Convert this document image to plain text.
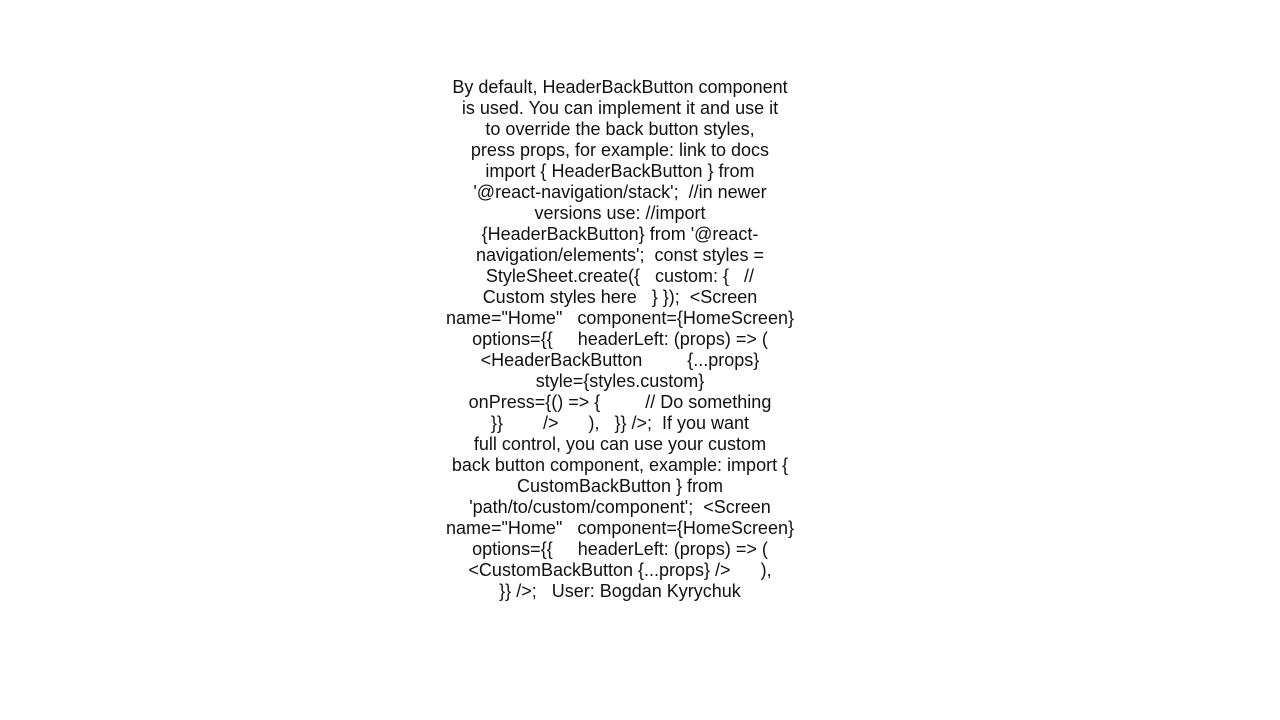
By default, HeaderBackButton component
is used. You can implement it and use it
to override the back button styles,
press props, for example: link to docs
import { HeaderBackButton } from
'@react-navigation/stack';  //in newer
versions use: //import
{HeaderBackButton} from '@react-
navigation/elements';  const styles =
StyleSheet.create({   custom: {   //
Custom styles here   } });  <Screen
name="Home"   component={HomeScreen}
options={{     headerLeft: (props) => (
<HeaderBackButton         {...props}
style={styles.custom}
onPress={() => {         // Do something
}}        />      ),   }} />;  If you want
full control, you can use your custom
back button component, example: import {
CustomBackButton } from
'path/to/custom/component';  <Screen
name="Home"   component={HomeScreen}
options={{     headerLeft: (props) => (
<CustomBackButton {...props} />      ),
}} />;   User: Bogdan Kyrychuk
